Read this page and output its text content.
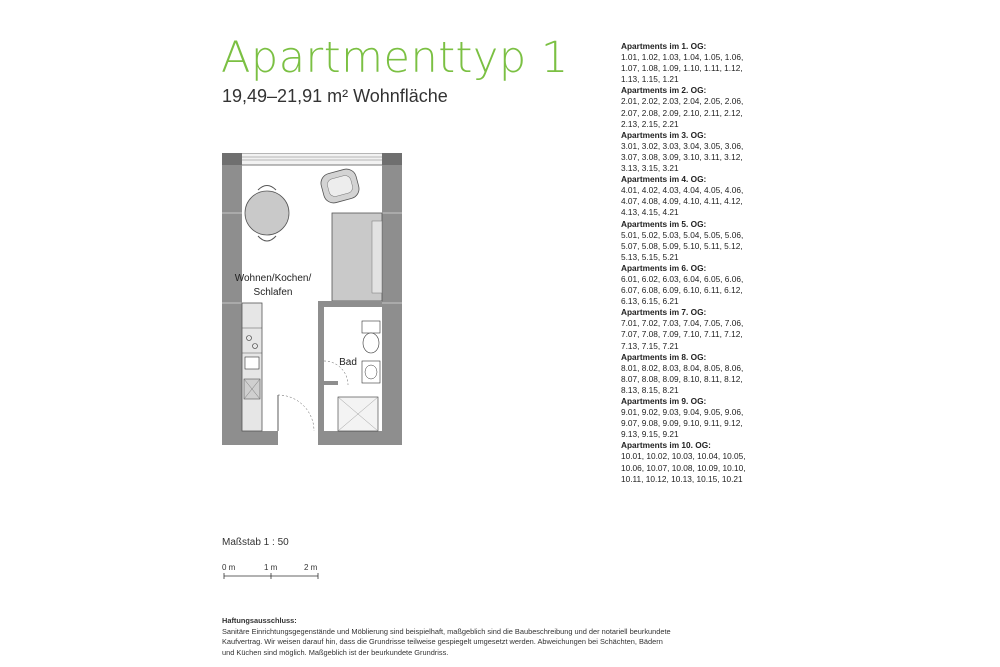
Apartmenttyp 1
19,49–21,91 m² Wohnfläche
Wohnen/Kochen/
Schlafen
Bad
Apartments im 1. OG:
1.01, 1.02, 1.03, 1.04, 1.05, 1.06,
1.07, 1.08, 1.09, 1.10, 1.11, 1.12,
1.13, 1.15, 1.21
Apartments im 2. OG:
2.01, 2.02, 2.03, 2.04, 2.05, 2.06,
2.07, 2.08, 2.09, 2.10, 2.11, 2.12,
2.13, 2.15, 2.21
Apartments im 3. OG:
3.01, 3.02, 3.03, 3.04, 3.05, 3.06,
3.07, 3.08, 3.09, 3.10, 3.11, 3.12,
3.13, 3.15, 3.21
Apartments im 4. OG:
4.01, 4.02, 4.03, 4.04, 4.05, 4.06,
4.07, 4.08, 4.09, 4.10, 4.11, 4.12,
4.13, 4.15, 4.21
Apartments im 5. OG:
5.01, 5.02, 5.03, 5.04, 5.05, 5.06,
5.07, 5.08, 5.09, 5.10, 5.11, 5.12,
5.13, 5.15, 5.21
Apartments im 6. OG:
6.01, 6.02, 6.03, 6.04, 6.05, 6.06,
6.07, 6.08, 6.09, 6.10, 6.11, 6.12,
6.13, 6.15, 6.21
Apartments im 7. OG:
7.01, 7.02, 7.03, 7.04, 7.05, 7.06,
7.07, 7.08, 7.09, 7.10, 7.11, 7.12,
7.13, 7.15, 7.21
Apartments im 8. OG:
8.01, 8.02, 8.03, 8.04, 8.05, 8.06,
8.07, 8.08, 8.09, 8.10, 8.11, 8.12,
8.13, 8.15, 8.21
Apartments im 9. OG:
9.01, 9.02, 9.03, 9.04, 9.05, 9.06,
9.07, 9.08, 9.09, 9.10, 9.11, 9.12,
9.13, 9.15, 9.21
Apartments im 10. OG:
10.01, 10.02, 10.03, 10.04, 10.05,
10.06, 10.07, 10.08, 10.09, 10.10,
10.11, 10.12, 10.13, 10.15, 10.21
Maßstab 1 : 50
0 m	1 m	2 m
Haftungsausschluss:
Sanitäre Einrichtungsgegenstände und Möblierung sind beispielhaft, maßgeblich sind die Baubeschreibung und der notariell beurkundete
Kaufvertrag. Wir weisen darauf hin, dass die Grundrisse teilweise gespiegelt umgesetzt werden. Abweichungen bei Schächten, Bädern
und Küchen sind möglich. Maßgeblich ist der beurkundete Grundriss.
